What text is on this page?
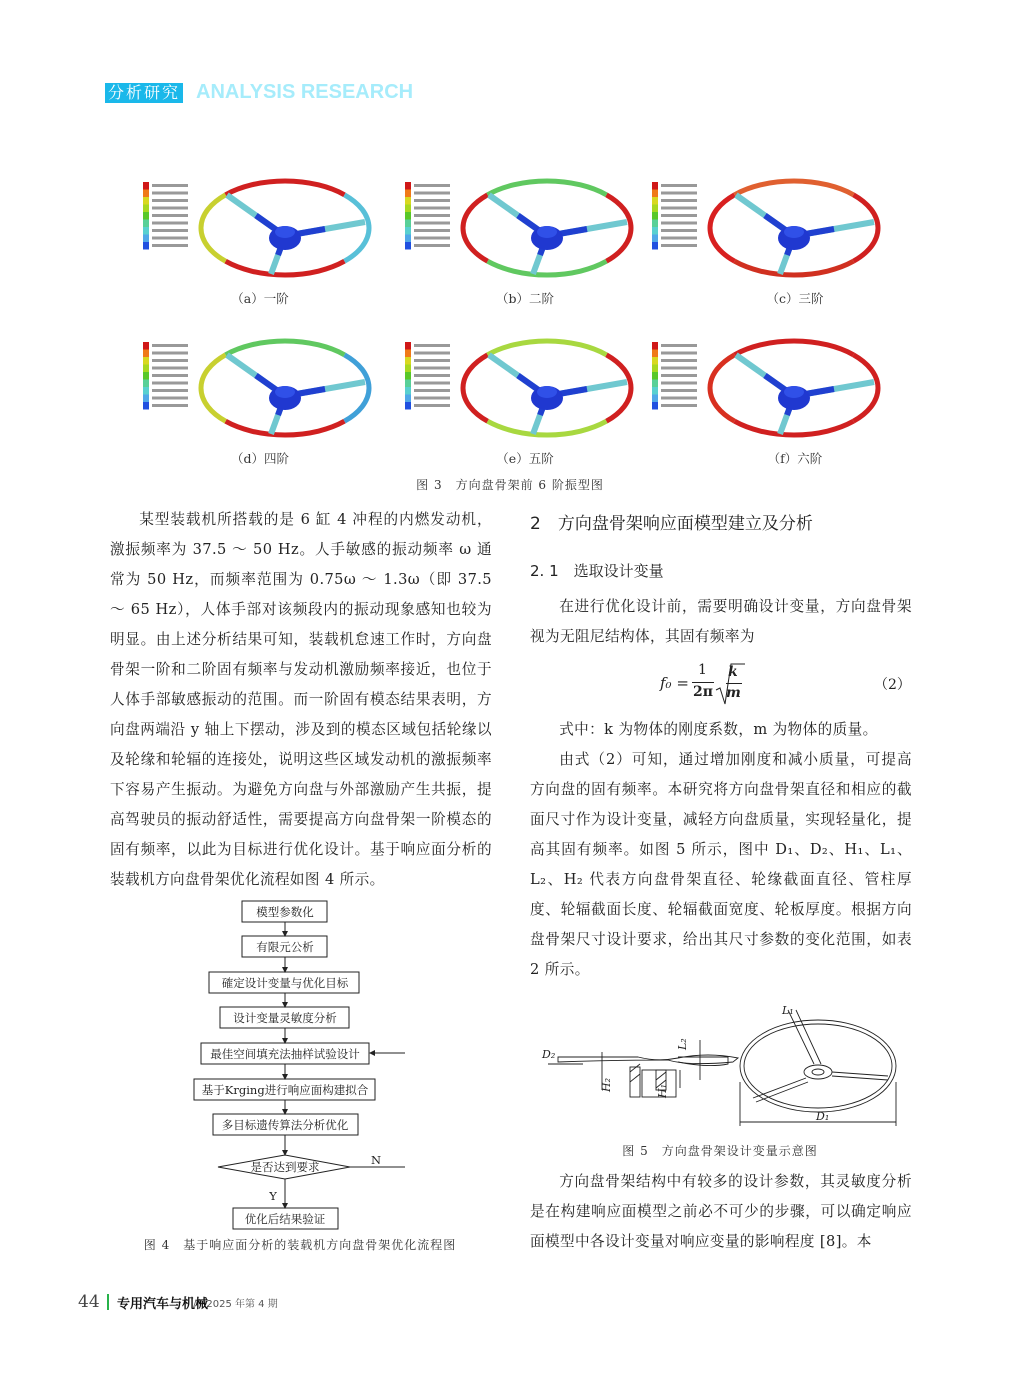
分析研究 ANALYSIS RESEARCH
（a）一阶	（b）二阶	（c）三阶
（d）四阶	（e）五阶	（f）六阶
图 3　方向盘骨架前 6 阶振型图

某型装载机所搭载的是 6 缸 4 冲程的内燃发动机，激振频率为 37.5 ～ 50 Hz。人手敏感的振动频率 ω 通常为 50 Hz，而频率范围为 0.75ω ～ 1.3ω（即 37.5 ～ 65 Hz），人体手部对该频段内的振动现象感知也较为明显。由上述分析结果可知，装载机怠速工作时，方向盘骨架一阶和二阶固有频率与发动机激励频率接近，也位于人体手部敏感振动的范围。而一阶固有模态结果表明，方向盘两端沿 y 轴上下摆动，涉及到的模态区域包括轮缘以及轮缘和轮辐的连接处，说明这些区域发动机的激振频率下容易产生振动。为避免方向盘与外部激励产生共振，提高驾驶员的振动舒适性，需要提高方向盘骨架一阶模态的固有频率，以此为目标进行优化设计。基于响应面分析的装载机方向盘骨架优化流程如图 4 所示。

模型参数化
有限元公析
確定设计变量与优化目标
设计变量灵敏度分析
最佳空间填充法抽样试验设计
基于Krging进行响应面构建拟合
多目标遗传算法分析优化
是否达到要求
Y
优化后结果验证
N
图 4　基于响应面分析的装载机方向盘骨架优化流程图
2　方向盘骨架响应面模型建立及分析
2. 1　选取设计变量

在进行优化设计前，需要明确设计变量，方向盘骨架视为无阻尼结构体，其固有频率为

f₀ =
1
2π
k
m	（2）

式中：k 为物体的刚度系数，m 为物体的质量。

由式（2）可知，通过增加刚度和减小质量，可提高方向盘的固有频率。本研究将方向盘骨架直径和相应的截面尺寸作为设计变量，减轻方向盘质量，实现轻量化，提高其固有频率。如图 5 所示，图中 D₁、D₂、H₁、L₁、L₂、H₂ 代表方向盘骨架直径、轮缘截面直径、管柱厚度、轮辐截面长度、轮辐截面宽度、轮板厚度。根据方向盘骨架尺寸设计要求，给出其尺寸参数的变化范围，如表 2 所示。

D₂
H₂	H₁
L₂
L₁
D₁
图 5　方向盘骨架设计变量示意图

方向盘骨架结构中有较多的设计参数，其灵敏度分析是在构建响应面模型之前必不可少的步骤，可以确定响应面模型中各设计变量对响应变量的影响程度 [8]。本

44 专用汽车与机械
/　2025 年第 4 期
